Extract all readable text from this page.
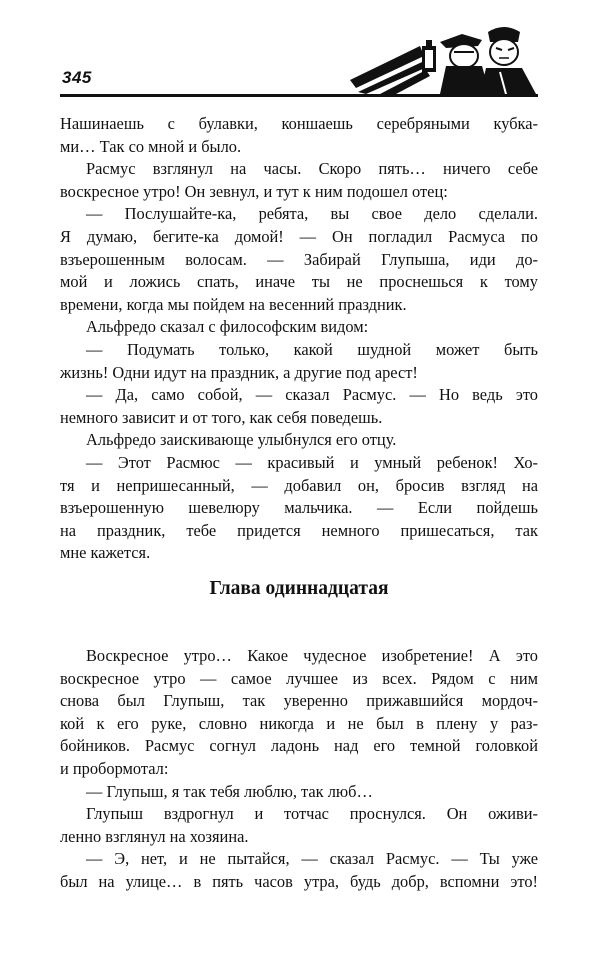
345
Нашинаешь с булавки, коншаешь серебряными кубка-
ми… Так со мной и было.
Расмус взглянул на часы. Скоро пять… ничего себе
воскресное утро! Он зевнул, и тут к ним подошел отец:
— Послушайте-ка, ребята, вы свое дело сделали.
Я думаю, бегите-ка домой! — Он погладил Расмуса по
взъерошенным волосам. — Забирай Глупыша, иди до-
мой и ложись спать, иначе ты не проснешься к тому
времени, когда мы пойдем на весенний праздник.
Альфредо сказал с философским видом:
— Подумать только, какой шудной может быть
жизнь! Одни идут на праздник, а другие под арест!
— Да, само собой, — сказал Расмус. — Но ведь это
немного зависит и от того, как себя поведешь.
Альфредо заискивающе улыбнулся его отцу.
— Этот Расмюс — красивый и умный ребенок! Хо-
тя и непришесанный, — добавил он, бросив взгляд на
взъерошенную шевелюру мальчика. — Если пойдешь
на праздник, тебе придется немного пришесаться, так
мне кажется.
Глава одиннадцатая
Воскресное утро… Какое чудесное изобретение! А это
воскресное утро — самое лучшее из всех. Рядом с ним
снова был Глупыш, так уверенно прижавшийся мордоч-
кой к его руке, словно никогда и не был в плену у раз-
бойников. Расмус согнул ладонь над его темной головкой
и пробормотал:
— Глупыш, я так тебя люблю, так люб…
Глупыш вздрогнул и тотчас проснулся. Он оживи-
ленно взглянул на хозяина.
— Э, нет, и не пытайся, — сказал Расмус. — Ты уже
был на улице… в пять часов утра, будь добр, вспомни это!
